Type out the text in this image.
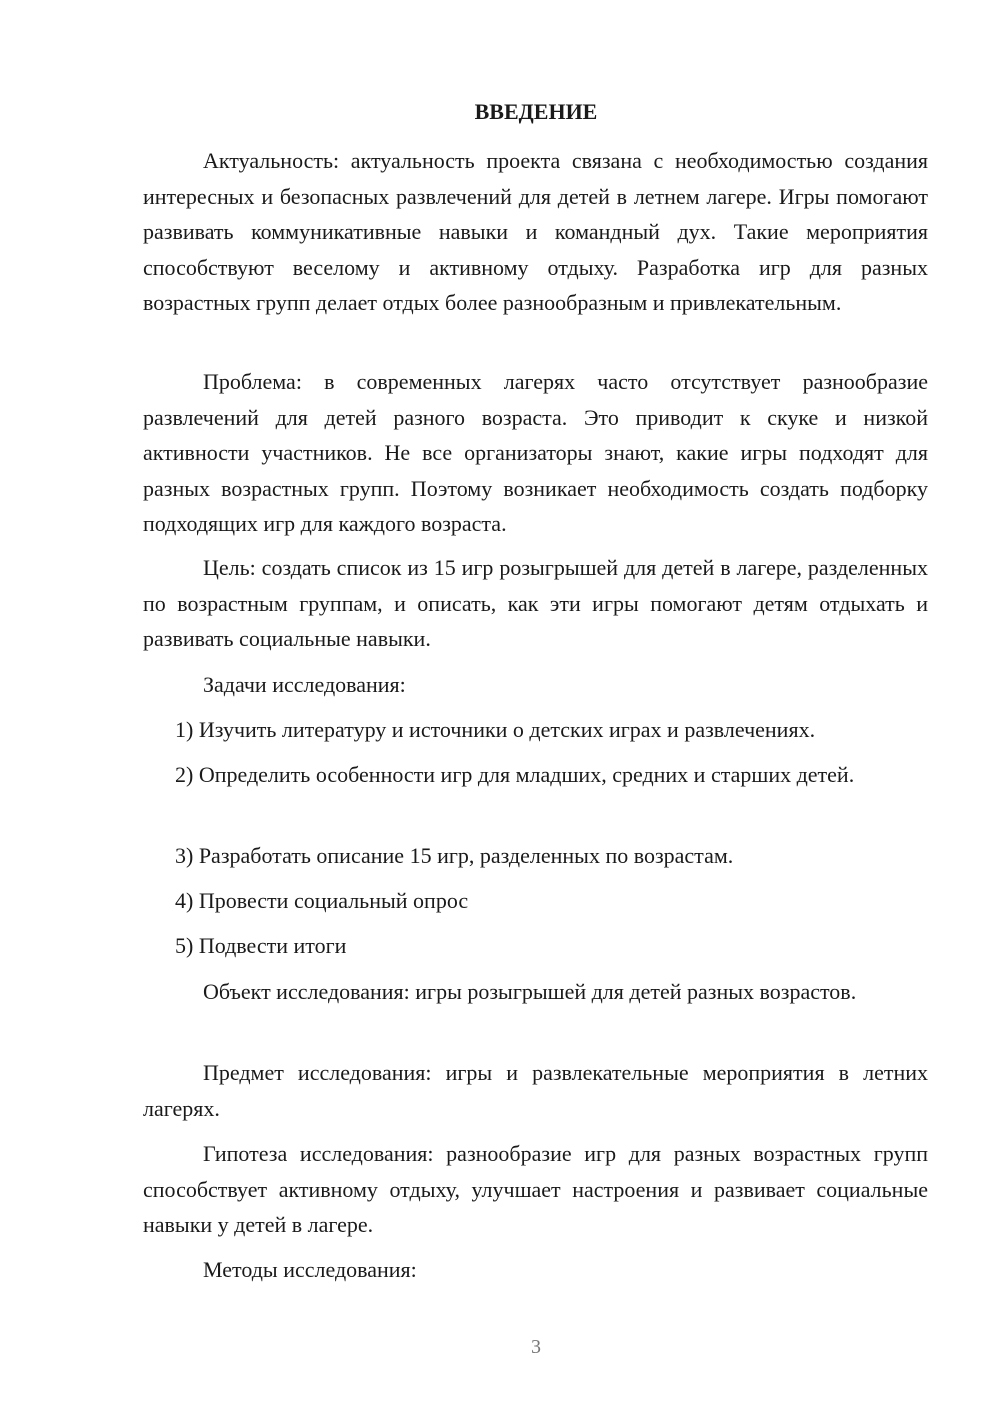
ВВЕДЕНИЕ

Актуальность: актуальность проекта связана с необходимостью создания интересных и безопасных развлечений для детей в летнем лагере. Игры помогают развивать коммуникативные навыки и командный дух. Такие мероприятия способствуют веселому и активному отдыху. Разработка игр для разных возрастных групп делает отдых более разнообразным и привлекательным.

Проблема: в современных лагерях часто отсутствует разнообразие развлечений для детей разного возраста. Это приводит к скуке и низкой активности участников. Не все организаторы знают, какие игры подходят для разных возрастных групп. Поэтому возникает необходимость создать подборку подходящих игр для каждого возраста.

Цель: создать список из 15 игр розыгрышей для детей в лагере, разделенных по возрастным группам, и описать, как эти игры помогают детям отдыхать и развивать социальные навыки.

Задачи исследования:

1) Изучить литературу и источники о детских играх и развлечениях.

2) Определить особенности игр для младших, средних и старших детей.

3) Разработать описание 15 игр, разделенных по возрастам.

4) Провести социальный опрос

5) Подвести итоги

Объект исследования: игры розыгрышей для детей разных возрастов.

Предмет исследования: игры и развлекательные мероприятия в летних лагерях.

Гипотеза исследования: разнообразие игр для разных возрастных групп способствует активному отдыху, улучшает настроения и развивает социальные навыки у детей в лагере.

Методы исследования:

3
